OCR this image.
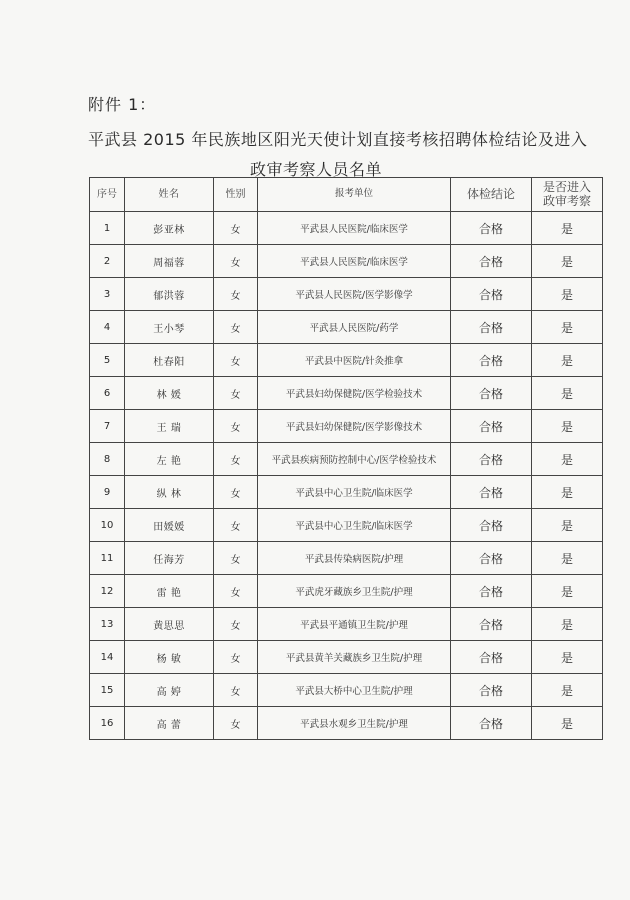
附件 1：
平武县 2015 年民族地区阳光天使计划直接考核招聘体检结论及进入
政审考察人员名单
序号	姓名	性别	报考单位	体检结论	是否进入
政审考察
1	彭亚林	女	平武县人民医院/临床医学	合格	是
2	周福蓉	女	平武县人民医院/临床医学	合格	是
3	郁洪蓉	女	平武县人民医院/医学影像学	合格	是
4	王小琴	女	平武县人民医院/药学	合格	是
5	杜春阳	女	平武县中医院/针灸推拿	合格	是
6	林 媛	女	平武县妇幼保健院/医学检验技术	合格	是
7	王 瑞	女	平武县妇幼保健院/医学影像技术	合格	是
8	左 艳	女	平武县疾病预防控制中心/医学检验技术	合格	是
9	纵 林	女	平武县中心卫生院/临床医学	合格	是
10	田媛媛	女	平武县中心卫生院/临床医学	合格	是
11	任海芳	女	平武县传染病医院/护理	合格	是
12	雷 艳	女	平武虎牙藏族乡卫生院/护理	合格	是
13	黄思思	女	平武县平通镇卫生院/护理	合格	是
14	杨 敏	女	平武县黄羊关藏族乡卫生院/护理	合格	是
15	高 婷	女	平武县大桥中心卫生院/护理	合格	是
16	高 蕾	女	平武县水观乡卫生院/护理	合格	是
